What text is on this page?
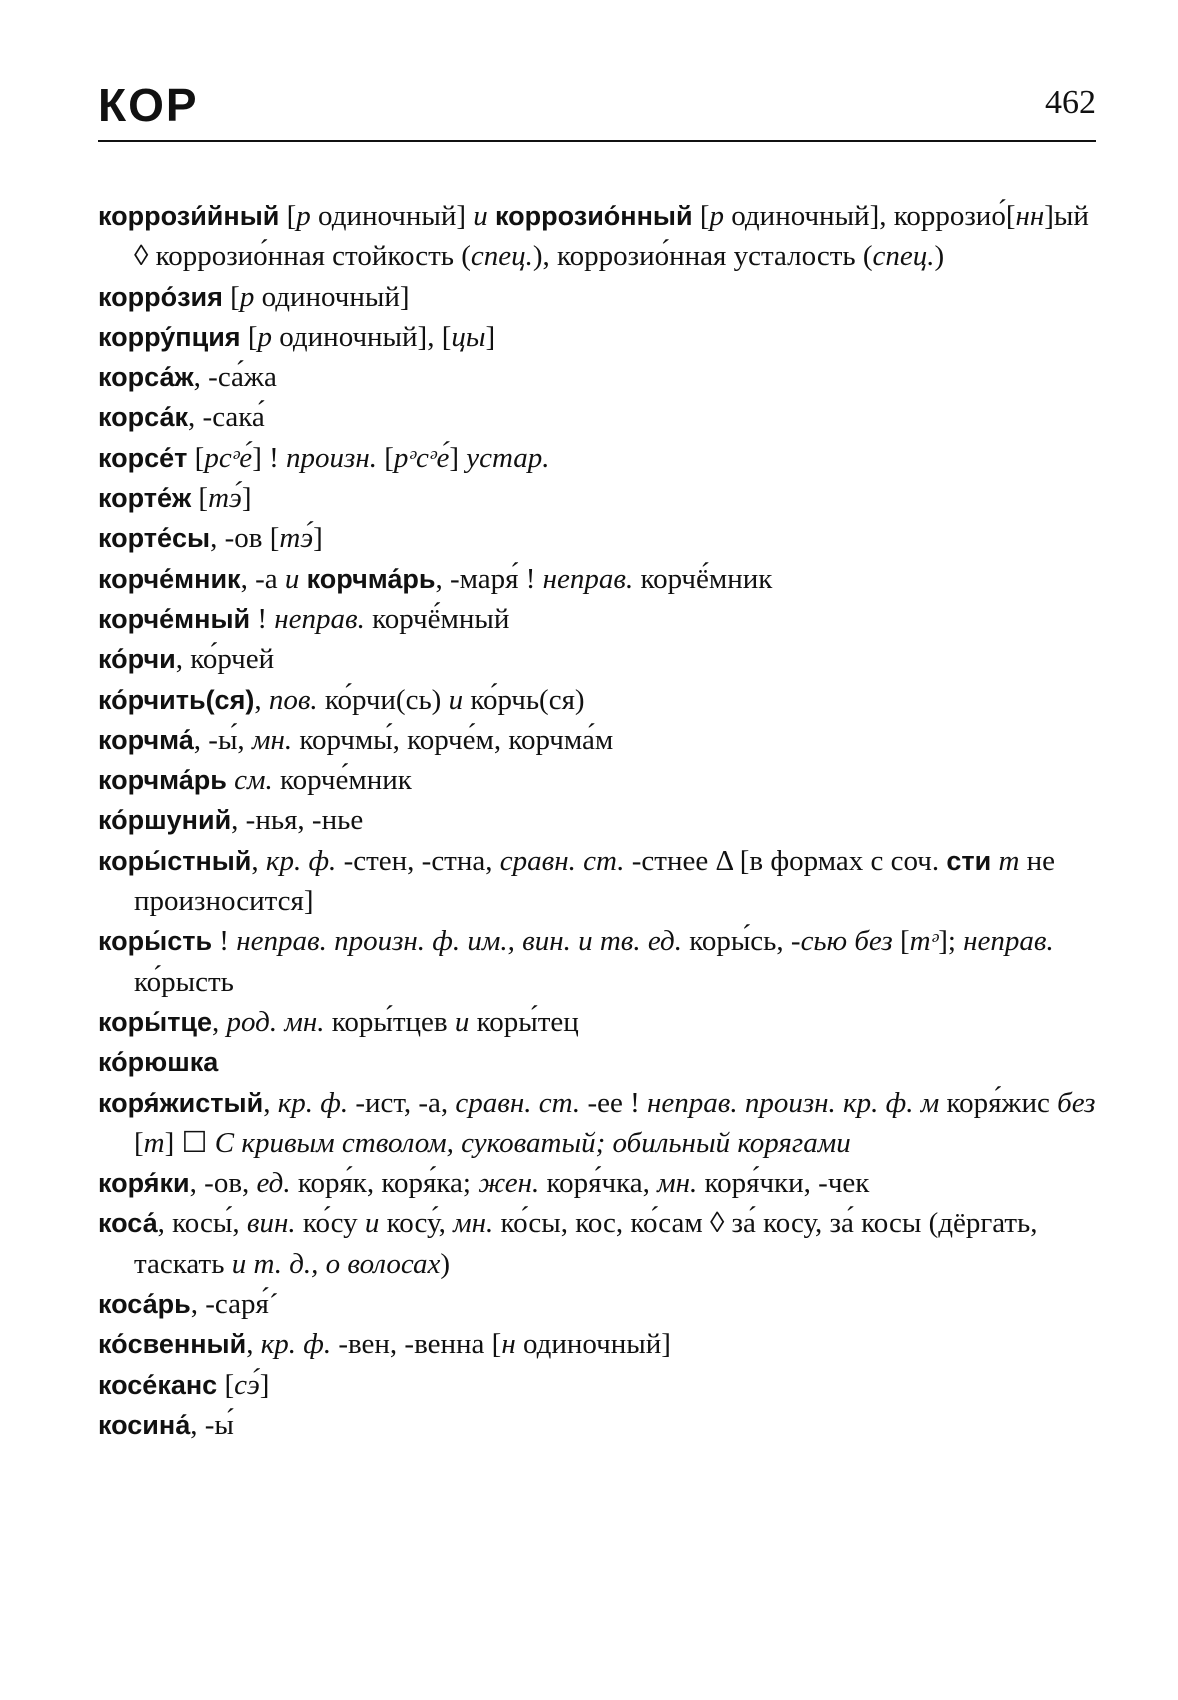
КОР	462
коррози́йный [р одиночный] и коррозио́нный [р одиночный], коррозио́[нн]ый ◊ коррозио́нная стойкость (спец.), коррозио́нная усталость (спец.)
корро́зия [р одиночный]
корру́пция [р одиночный], [цы]
корса́ж, -са́жа
корса́к, -сака́
корсе́т [рсᵊе́] ! произн. [рᵊсᵊе́] устар.
корте́ж [тэ́]
корте́сы, -ов [тэ́]
корче́мник, -а и корчма́рь, -маря́ ! неправ. корчё́мник
корче́мный ! неправ. корчё́мный
ко́рчи, ко́рчей
ко́рчить(ся), пов. ко́рчи(сь) и ко́рчь(ся)
корчма́, -ы́, мн. корчмы́, корче́м, корчма́м
корчма́рь см. корче́мник
ко́ршуний, -нья, -нье
коры́стный, кр. ф. -стен, -стна, сравн. ст. -стнее Δ [в формах с соч. сти т не произносится]
коры́сть ! неправ. произн. ф. им., вин. и тв. ед. коры́сь, -сью без [тᵊ]; неправ. ко́рысть
коры́тце, род. мн. коры́тцев и коры́тец
ко́рюшка
коря́жистый, кр. ф. -ист, -а, сравн. ст. -ее ! неправ. произн. кр. ф. м коря́жис без [т] ☐ С кривым стволом, суковатый; обильный корягами
коря́ки, -ов, ед. коря́к, коря́ка; жен. коря́чка, мн. коря́чки, -чек
коса́, косы́, вин. ко́су и косу́, мн. ко́сы, кос, ко́сам ◊ за́ косу, за́ косы (дёргать, таскать и т. д., о волосах)
коса́рь, -саря́´
ко́свенный, кр. ф. -вен, -венна [н одиночный]
косе́канс [сэ́]
косина́, -ы́
